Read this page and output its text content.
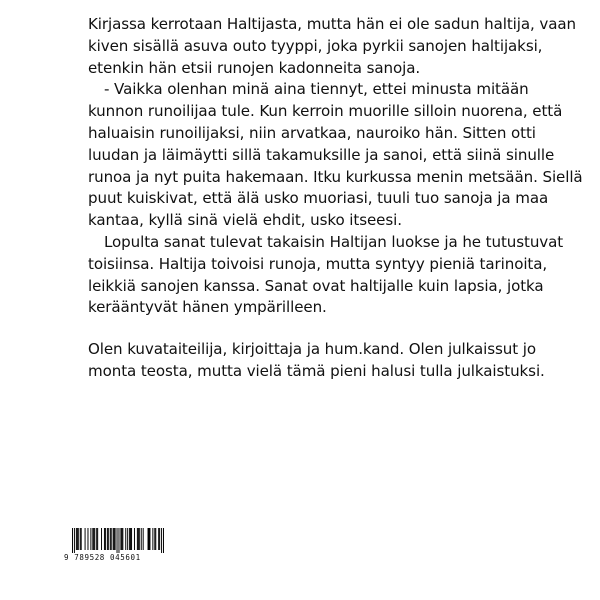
Kirjassa kerrotaan Haltijasta, mutta hän ei ole sadun haltija, vaan kiven sisällä asuva outo tyyppi, joka pyrkii sanojen haltijaksi, etenkin hän etsii runojen kadonneita sanoja.

- Vaikka olenhan minä aina tiennyt, ettei minusta mitään kunnon runoilijaa tule. Kun kerroin muorille silloin nuorena, että haluaisin runoilijaksi, niin arvatkaa, nauroiko hän. Sitten otti luudan ja läimäytti sillä takamuksille ja sanoi, että siinä sinulle runoa ja nyt puita hakemaan. Itku kurkussa menin metsään. Siellä puut kuiskivat, että älä usko muoriasi, tuuli tuo sanoja ja maa kantaa, kyllä sinä vielä ehdit, usko itseesi.

Lopulta sanat tulevat takaisin Haltijan luokse ja he tutustuvat toisiinsa. Haltija toivoisi runoja, mutta syntyy pieniä tarinoita, leikkiä sanojen kanssa. Sanat ovat haltijalle kuin lapsia, jotka kerääntyvät hänen ympärilleen.

Olen kuvataiteilija, kirjoittaja ja hum.kand. Olen julkaissut jo monta teosta, mutta vielä tämä pieni halusi tulla julkaistuksi.

9 789528 045601
